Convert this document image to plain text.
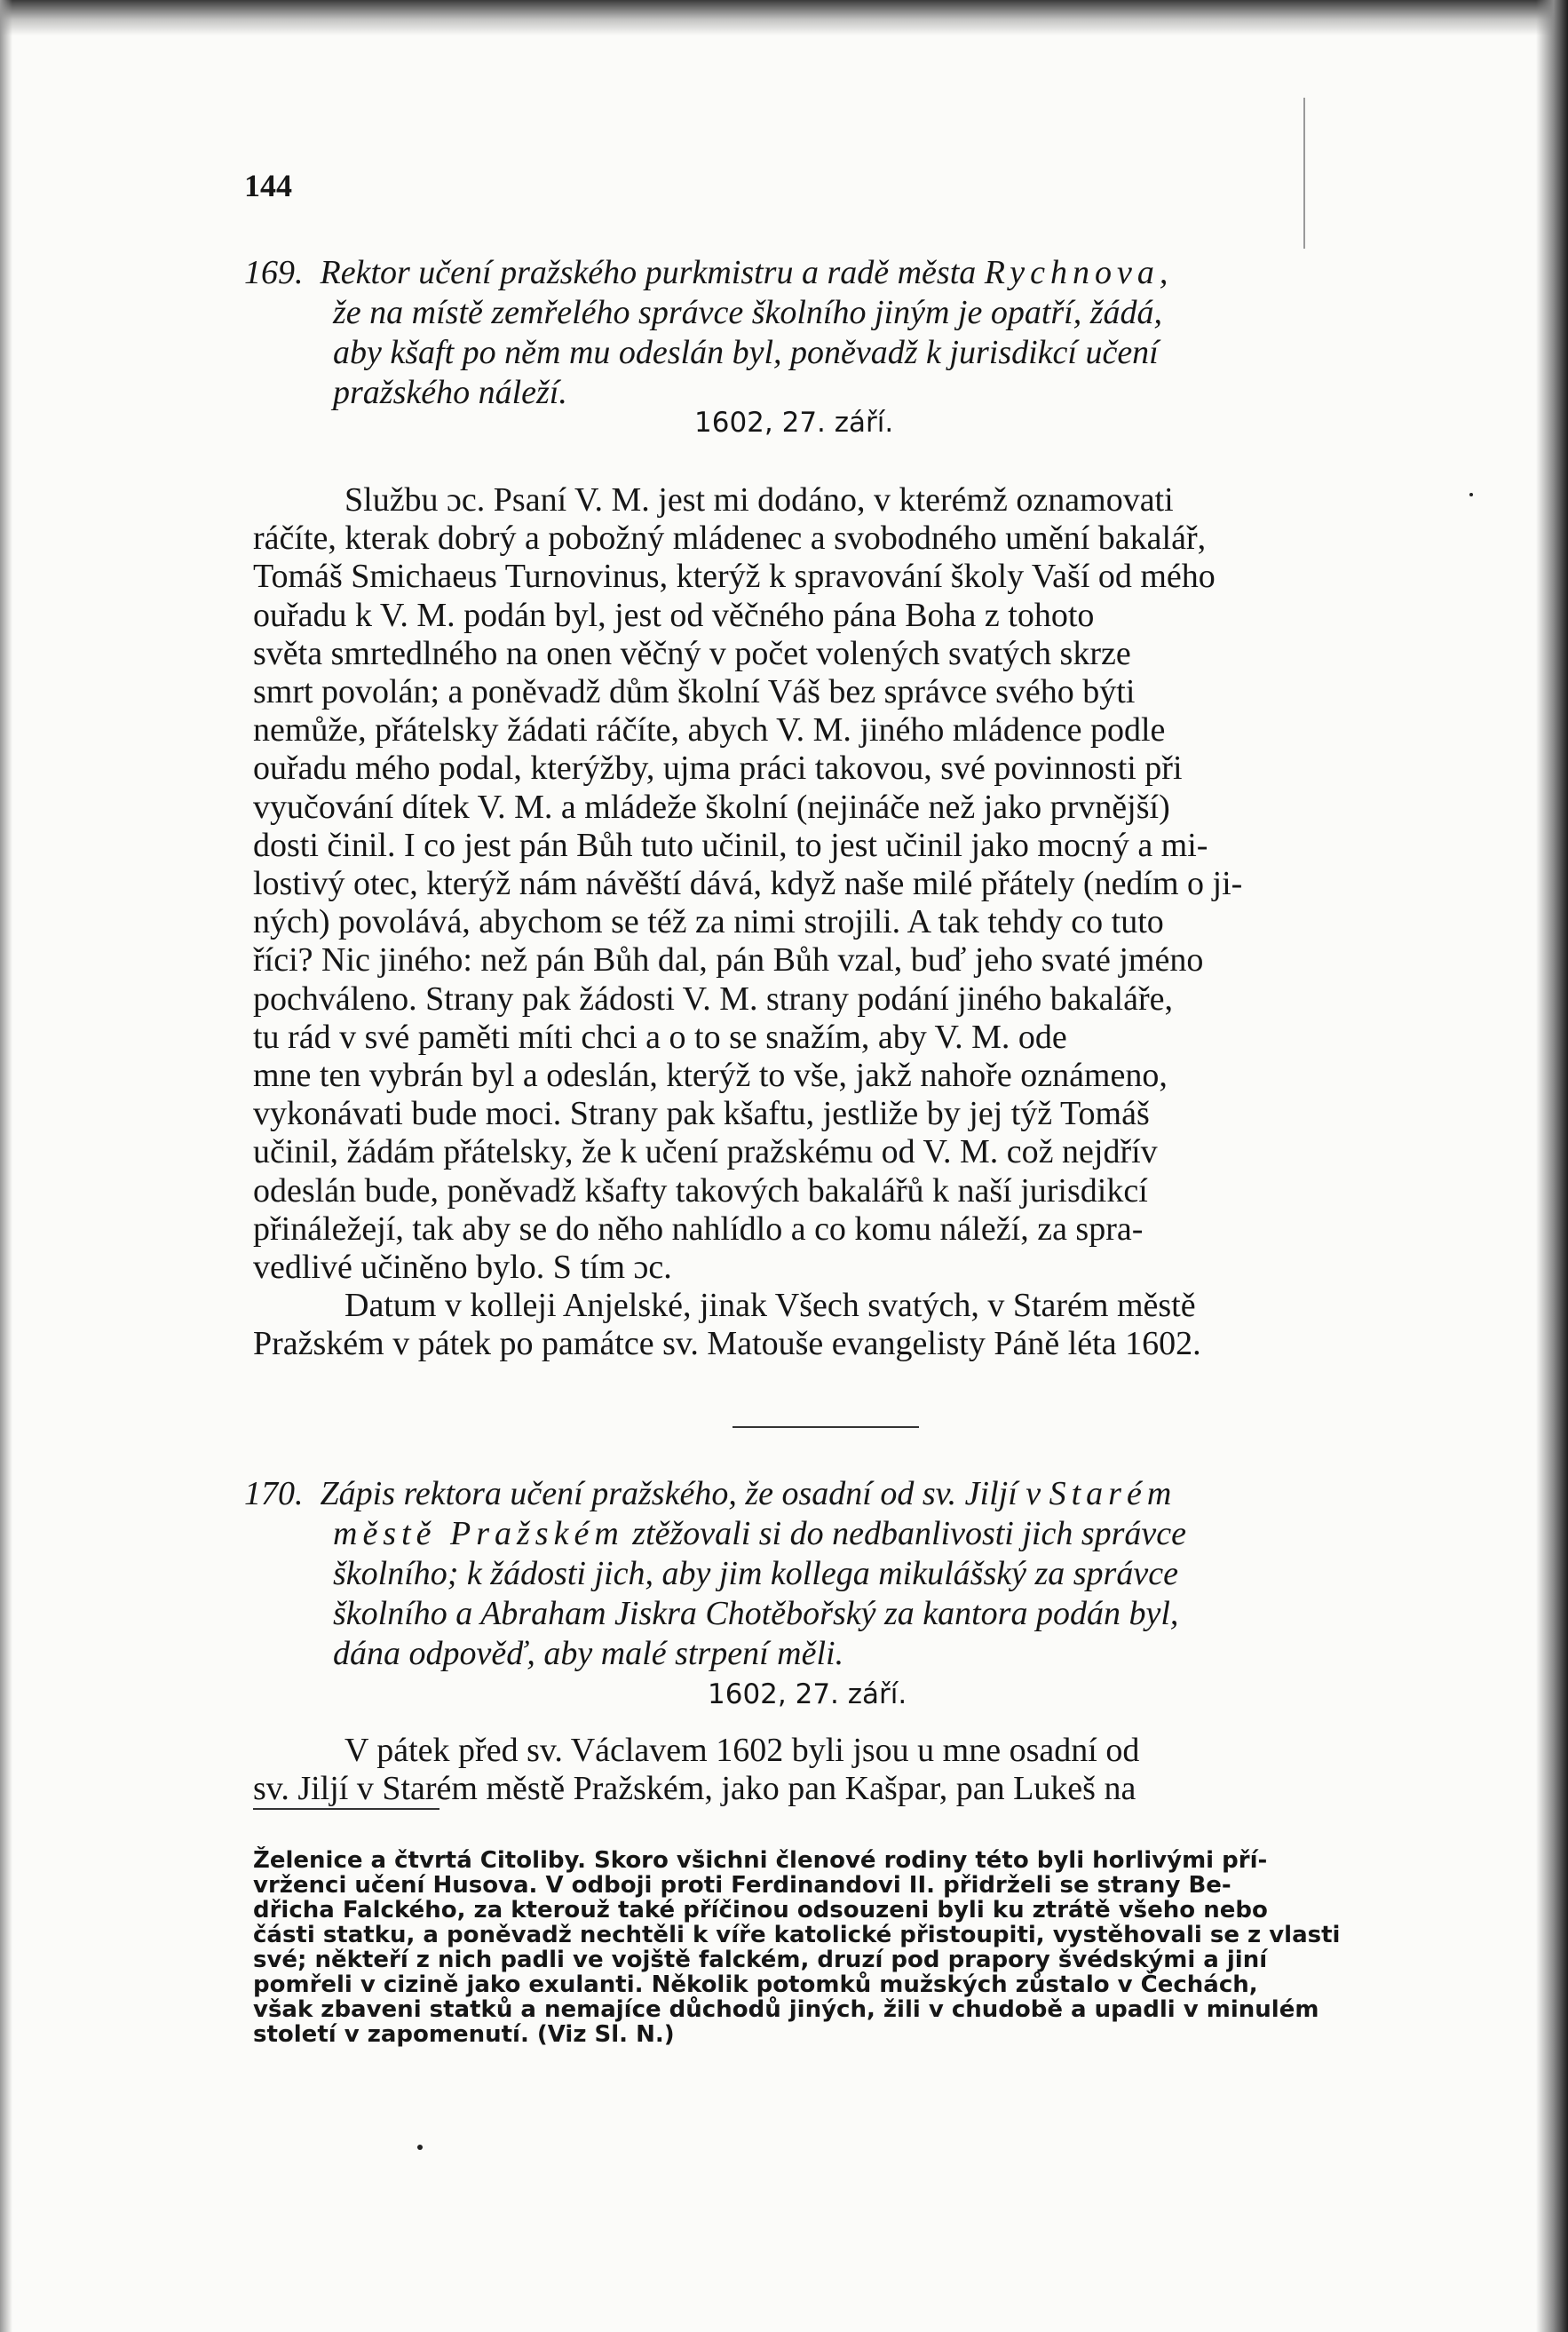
144
169. Rektor učení pražského purkmistru a radě města Rychnova,
že na místě zemřelého správce školního jiným je opatří, žádá,
aby kšaft po něm mu odeslán byl, poněvadž k jurisdikcí učení
pražského náleží.
1602, 27. září.
Službu ɔc. Psaní V. M. jest mi dodáno, v kterémž oznamovati
ráčíte, kterak dobrý a pobožný mládenec a svobodného umění bakalář,
Tomáš Smichaeus Turnovinus, kterýž k spravování školy Vaší od mého
ouřadu k V. M. podán byl, jest od věčného pána Boha z tohoto
světa smrtedlného na onen věčný v počet volených svatých skrze
smrt povolán; a poněvadž dům školní Váš bez správce svého býti
nemůže, přátelsky žádati ráčíte, abych V. M. jiného mládence podle
ouřadu mého podal, kterýžby, ujma práci takovou, své povinnosti při
vyučování dítek V. M. a mládeže školní (nejináče než jako prvnější)
dosti činil. I co jest pán Bůh tuto učinil, to jest učinil jako mocný a mi-
lostivý otec, kterýž nám návěští dává, když naše milé přátely (nedím o ji-
ných) povolává, abychom se též za nimi strojili. A tak tehdy co tuto
říci? Nic jiného: než pán Bůh dal, pán Bůh vzal, buď jeho svaté jméno
pochváleno. Strany pak žádosti V. M. strany podání jiného bakaláře,
tu rád v své paměti míti chci a o to se snažím, aby V. M. ode
mne ten vybrán byl a odeslán, kterýž to vše, jakž nahoře oznámeno,
vykonávati bude moci. Strany pak kšaftu, jestliže by jej týž Tomáš
učinil, žádám přátelsky, že k učení pražskému od V. M. což nejdřív
odeslán bude, poněvadž kšafty takových bakalářů k naší jurisdikcí
přináležejí, tak aby se do něho nahlídlo a co komu náleží, za spra-
vedlivé učiněno bylo. S tím ɔc.
Datum v kolleji Anjelské, jinak Všech svatých, v Starém městě
Pražském v pátek po památce sv. Matouše evangelisty Páně léta 1602.
170. Zápis rektora učení pražského, že osadní od sv. Jiljí v Starém
městě Pražském ztěžovali si do nedbanlivosti jich správce
školního; k žádosti jich, aby jim kollega mikulášský za správce
školního a Abraham Jiskra Chotěbořský za kantora podán byl,
dána odpověď, aby malé strpení měli.
1602, 27. září.
V pátek před sv. Václavem 1602 byli jsou u mne osadní od
sv. Jiljí v Starém městě Pražském, jako pan Kašpar, pan Lukeš na
Želenice a čtvrtá Citoliby. Skoro všichni členové rodiny této byli horlivými pří-
vrženci učení Husova. V odboji proti Ferdinandovi II. přidrželi se strany Be-
dřicha Falckého, za kterouž také příčinou odsouzeni byli ku ztrátě všeho nebo
části statku, a poněvadž nechtěli k víře katolické přistoupiti, vystěhovali se z vlasti
své; někteří z nich padli ve vojště falckém, druzí pod prapory švédskými a jiní
pomřeli v cizině jako exulanti. Několik potomků mužských zůstalo v Čechách,
však zbaveni statků a nemajíce důchodů jiných, žili v chudobě a upadli v minulém
století v zapomenutí. (Viz Sl. N.)
